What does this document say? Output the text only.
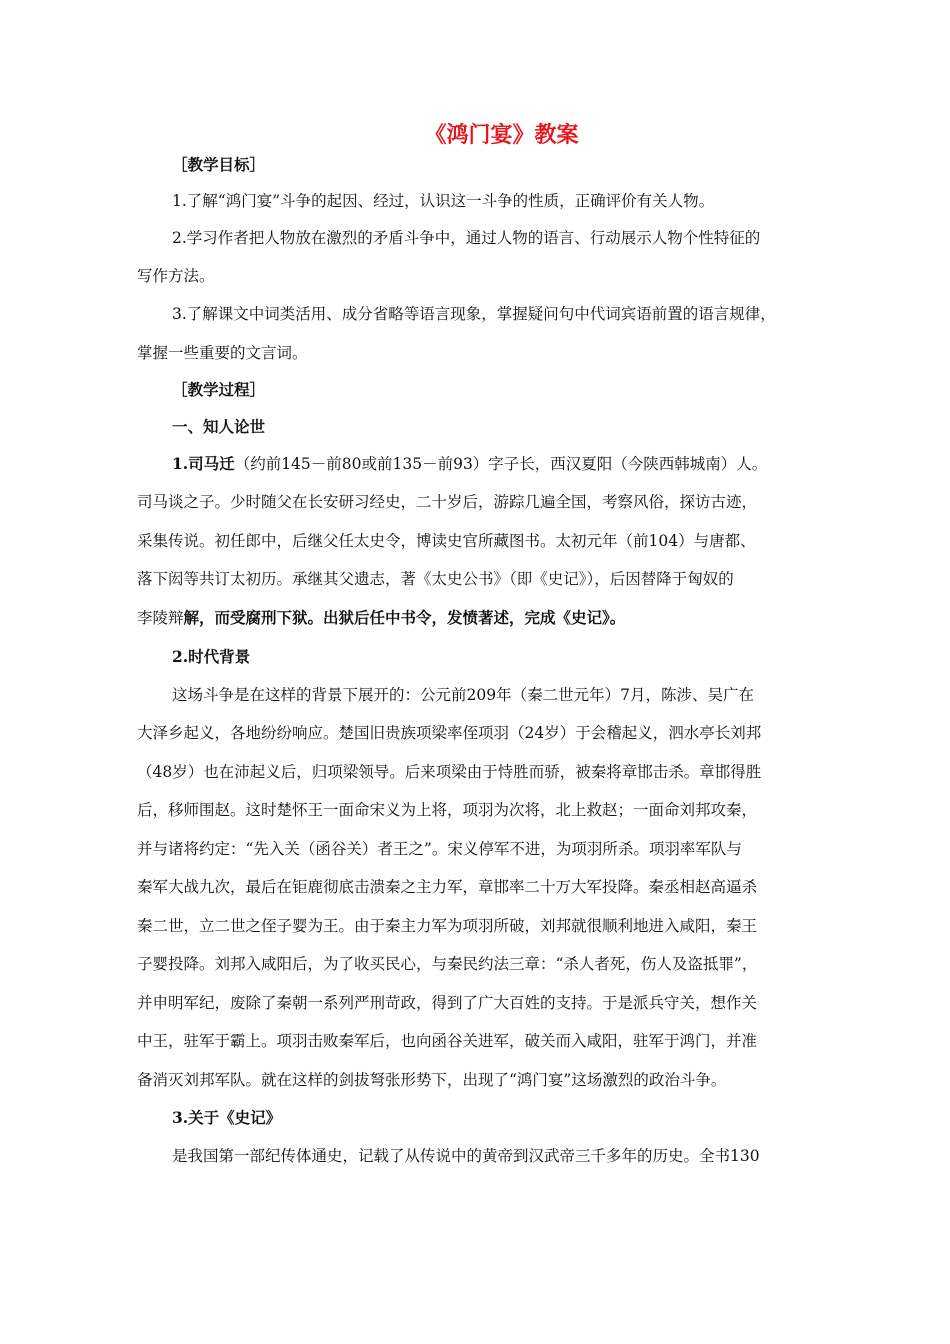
《鸿门宴》教案
［教学目标］
1.了解“鸿门宴”斗争的起因、经过，认识这一斗争的性质，正确评价有关人物。
2.学习作者把人物放在激烈的矛盾斗争中，通过人物的语言、行动展示人物个性特征的
写作方法。
3.了解课文中词类活用、成分省略等语言现象，掌握疑问句中代词宾语前置的语言规律，
掌握一些重要的文言词。
［教学过程］
一、知人论世
1.司马迁（约前145－前80或前135－前93）字子长，西汉夏阳（今陕西韩城南）人。
司马谈之子。少时随父在长安研习经史，二十岁后，游踪几遍全国，考察风俗，探访古迹，
采集传说。初任郎中，后继父任太史令，博读史官所藏图书。太初元年（前104）与唐都、
落下闳等共订太初历。承继其父遗志，著《太史公书》（即《史记》），后因替降于匈奴的
李陵辩解，而受腐刑下狱。出狱后任中书令，发愤著述，完成《史记》。
2.时代背景
这场斗争是在这样的背景下展开的：公元前209年（秦二世元年）7月，陈涉、吴广在
大泽乡起义，各地纷纷响应。楚国旧贵族项梁率侄项羽（24岁）于会稽起义，泗水亭长刘邦
（48岁）也在沛起义后，归项梁领导。后来项梁由于恃胜而骄，被秦将章邯击杀。章邯得胜
后，移师围赵。这时楚怀王一面命宋义为上将，项羽为次将，北上救赵；一面命刘邦攻秦，
并与诸将约定：“先入关（函谷关）者王之”。宋义停军不进，为项羽所杀。项羽率军队与
秦军大战九次，最后在钜鹿彻底击溃秦之主力军，章邯率二十万大军投降。秦丞相赵高逼杀
秦二世，立二世之侄子婴为王。由于秦主力军为项羽所破，刘邦就很顺利地进入咸阳，秦王
子婴投降。刘邦入咸阳后，为了收买民心，与秦民约法三章：“杀人者死，伤人及盗抵罪”，
并申明军纪，废除了秦朝一系列严刑苛政，得到了广大百姓的支持。于是派兵守关，想作关
中王，驻军于霸上。项羽击败秦军后，也向函谷关进军，破关而入咸阳，驻军于鸿门，并准
备消灭刘邦军队。就在这样的剑拔弩张形势下，出现了“鸿门宴”这场激烈的政治斗争。
3.关于《史记》
是我国第一部纪传体通史，记载了从传说中的黄帝到汉武帝三千多年的历史。全书130
